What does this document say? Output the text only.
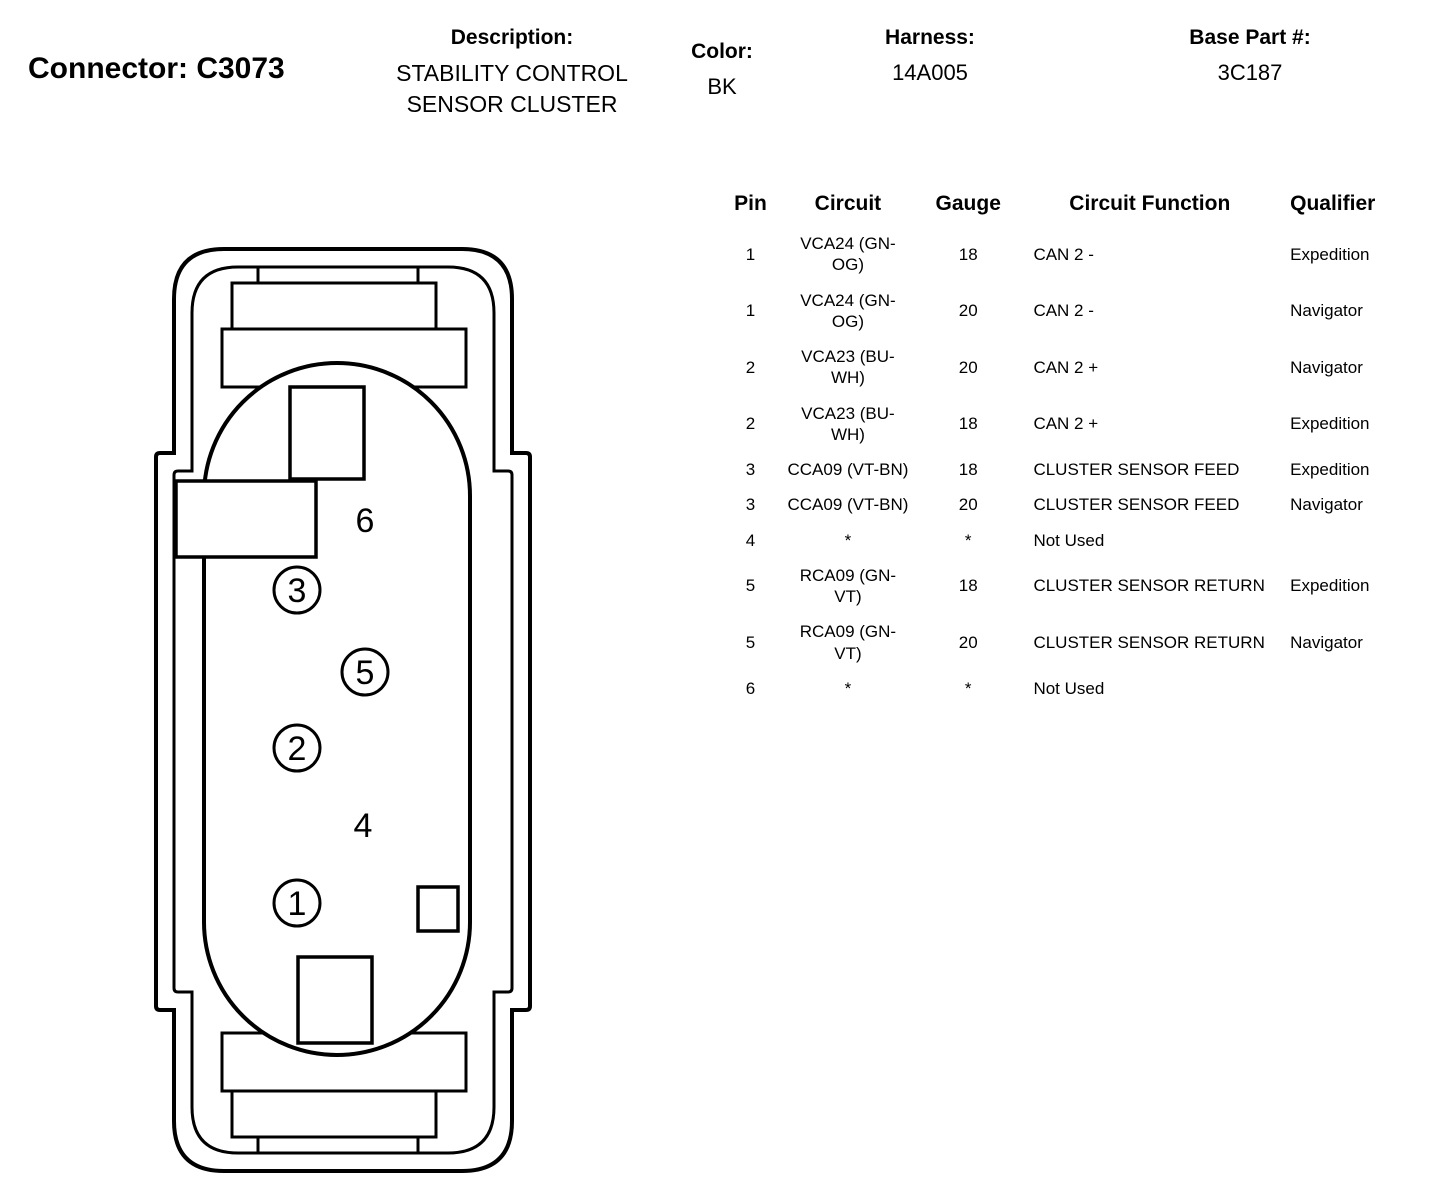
Connector: C3073
Description:
STABILITY CONTROL SENSOR CLUSTER
Color:
BK
Harness:
14A005
Base Part #:
3C187
6
3
5
2
4
1
Pin	Circuit	Gauge	Circuit Function	Qualifier
1	VCA24 (GN-OG)	18	CAN 2 -	Expedition
1	VCA24 (GN-OG)	20	CAN 2 -	Navigator
2	VCA23 (BU-WH)	20	CAN 2 +	Navigator
2	VCA23 (BU-WH)	18	CAN 2 +	Expedition
3	CCA09 (VT-BN)	18	CLUSTER SENSOR FEED	Expedition
3	CCA09 (VT-BN)	20	CLUSTER SENSOR FEED	Navigator
4	*	*	Not Used	
5	RCA09 (GN-VT)	18	CLUSTER SENSOR RETURN	Expedition
5	RCA09 (GN-VT)	20	CLUSTER SENSOR RETURN	Navigator
6	*	*	Not Used	
